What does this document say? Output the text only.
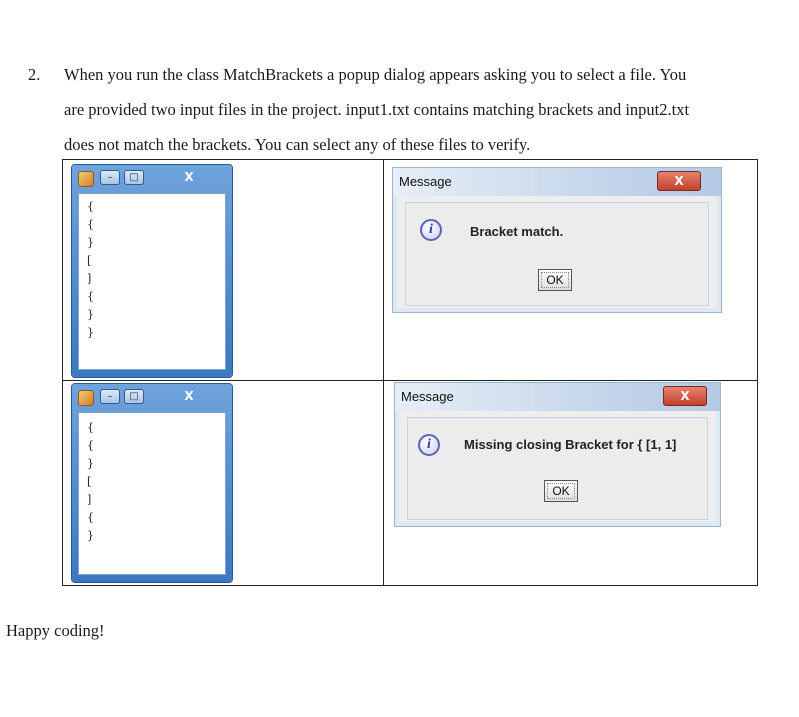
2. When you run the class MatchBrackets a popup dialog appears asking you to select a file. You
are provided two input files in the project. input1.txt contains matching brackets and input2.txt
does not match the brackets. You can select any of these files to verify.
–	□	X
{
{
}
[
]
{
}
}
Message	X
i	Bracket match.
OK
–	□	X
{
{
}
[
]
{
}
Message	X
i	Missing closing Bracket for { [1, 1]
OK
Happy coding!
